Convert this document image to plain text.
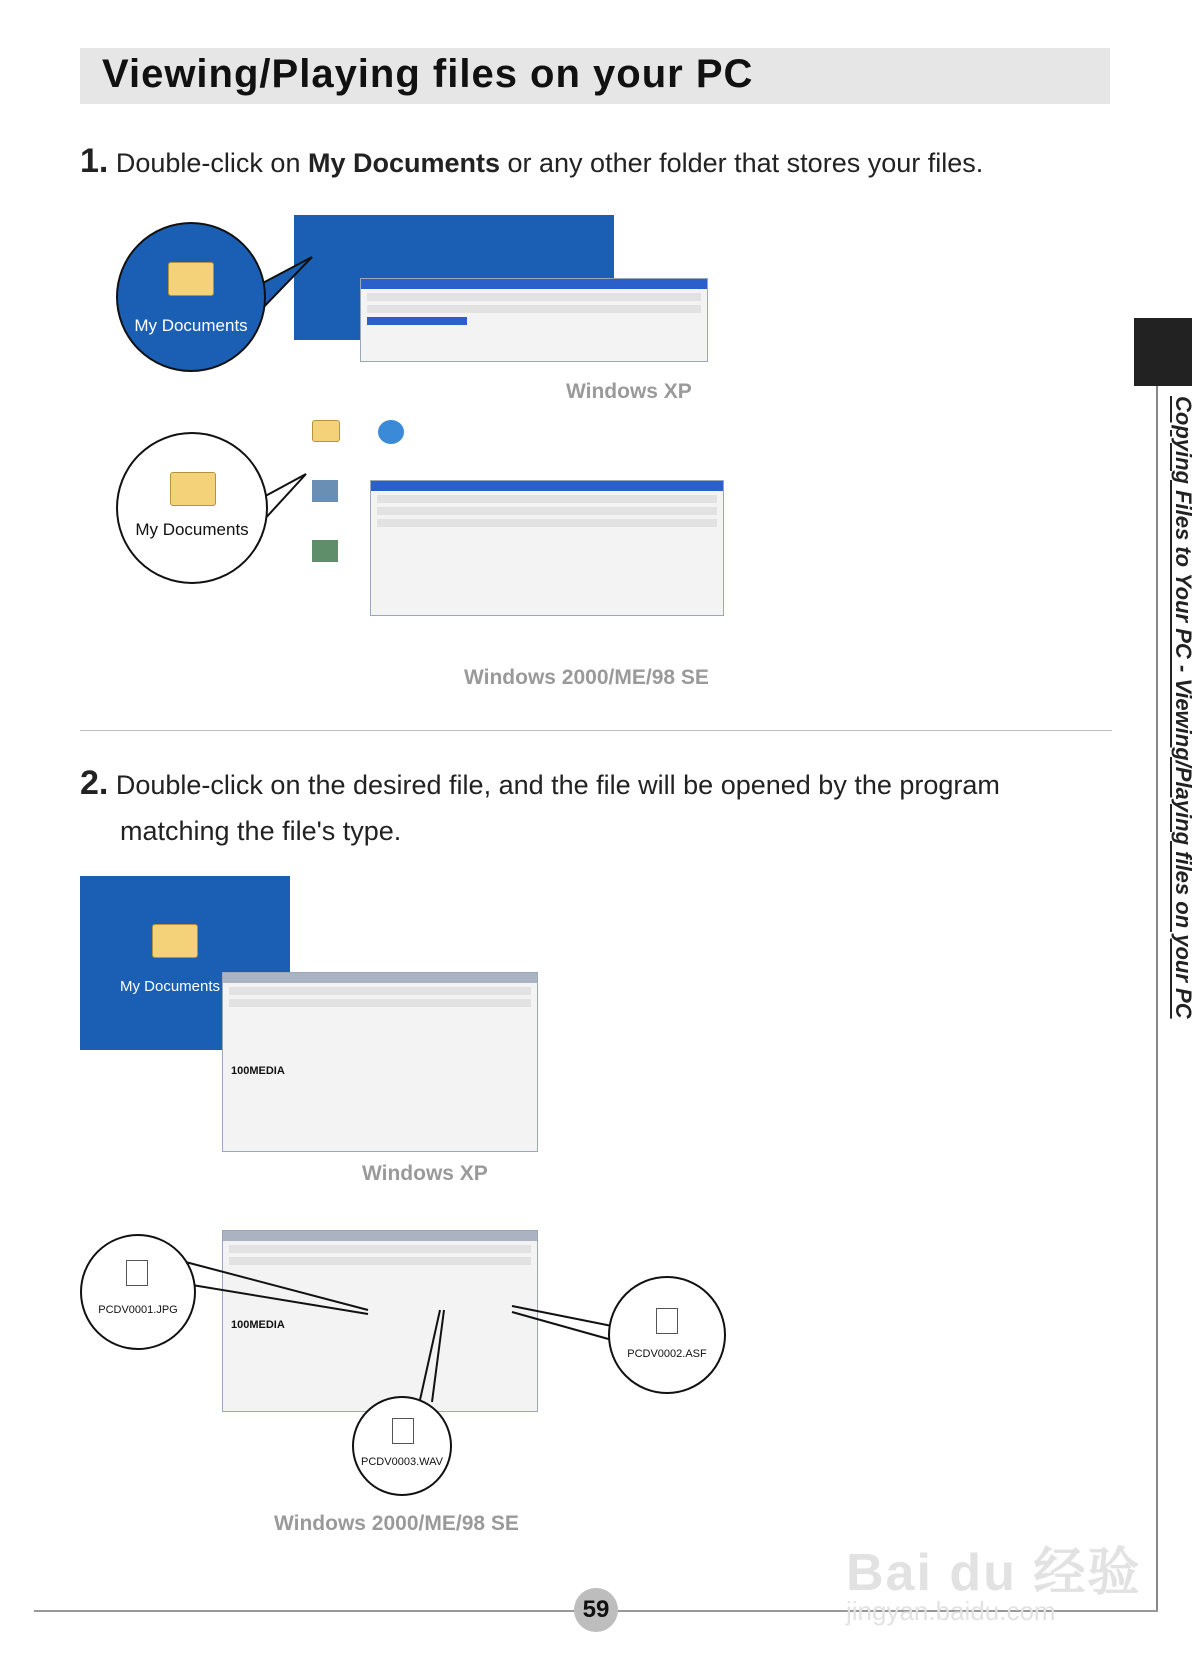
Viewing/Playing files on your PC
1. Double-click on My Documents or any other folder that stores your files.
My Documents
Windows XP
My Documents
Windows 2000/ME/98 SE
2. Double-click on the desired file, and the file will be opened by the program
matching the file's type.
My Documents
100MEDIA
Windows XP
100MEDIA
PCDV0001.JPG
PCDV0002.ASF
PCDV0003.WAV
Windows 2000/ME/98 SE
Copying Files to Your PC - Viewing/Playing files on your PC
59
Bai du 经验
jingyan.baidu.com
